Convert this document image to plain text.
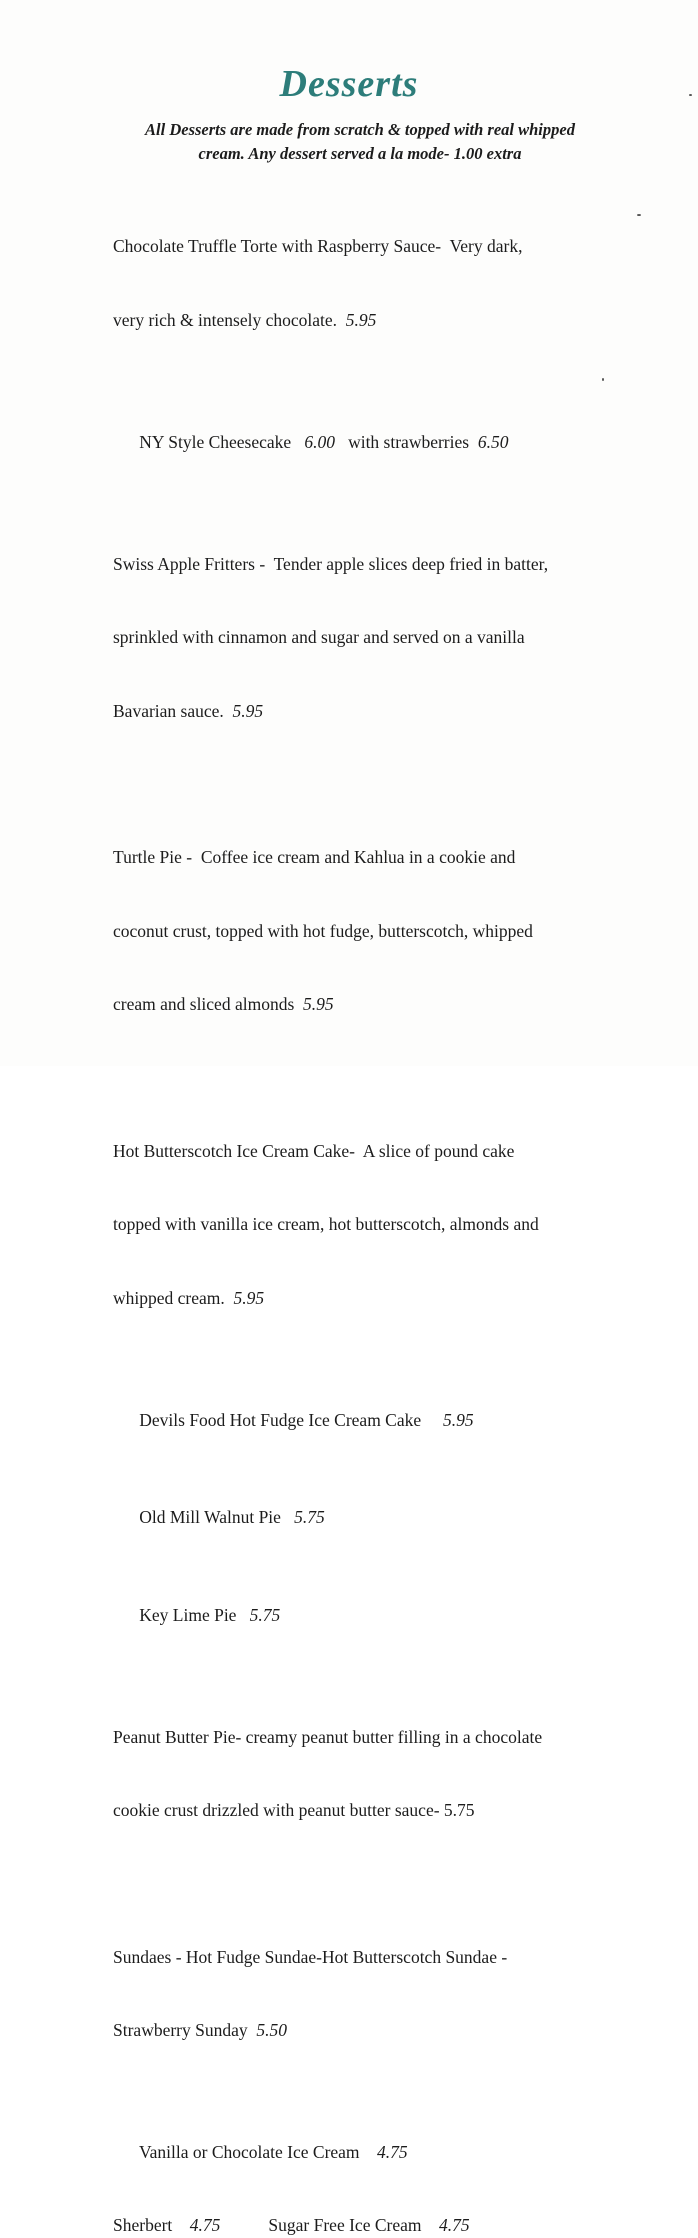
Desserts
All Desserts are made from scratch & topped with real whipped
cream. Any dessert served a la mode- 1.00 extra

Chocolate Truffle Torte with Raspberry Sauce-  Very dark,

very rich & intensely chocolate.  5.95

NY Style Cheesecake   6.00   with strawberries  6.50

Swiss Apple Fritters -  Tender apple slices deep fried in batter,

sprinkled with cinnamon and sugar and served on a vanilla

Bavarian sauce.  5.95

Turtle Pie -  Coffee ice cream and Kahlua in a cookie and

coconut crust, topped with hot fudge, butterscotch, whipped

cream and sliced almonds  5.95

Hot Butterscotch Ice Cream Cake-  A slice of pound cake

topped with vanilla ice cream, hot butterscotch, almonds and

whipped cream.  5.95

Devils Food Hot Fudge Ice Cream Cake     5.95

Old Mill Walnut Pie   5.75

Key Lime Pie   5.75

Peanut Butter Pie- creamy peanut butter filling in a chocolate

cookie crust drizzled with peanut butter sauce- 5.75

Sundaes - Hot Fudge Sundae-Hot Butterscotch Sundae -

Strawberry Sunday  5.50

Vanilla or Chocolate Ice Cream    4.75

Sherbert    4.75	Sugar Free Ice Cream    4.75
